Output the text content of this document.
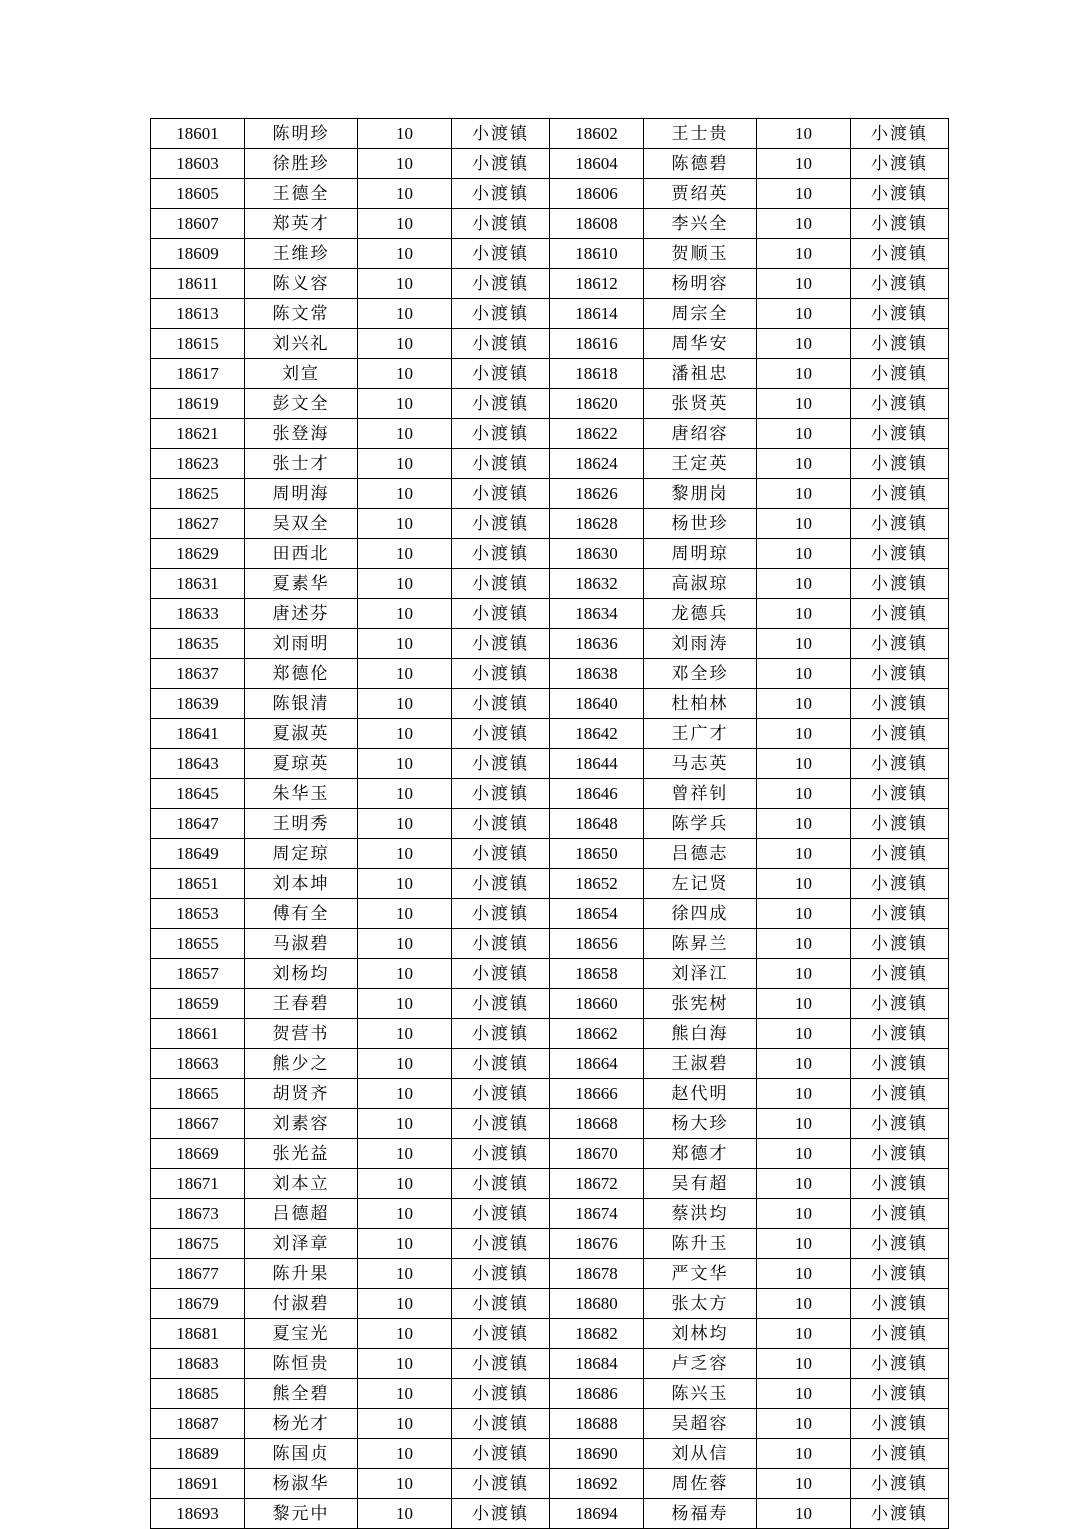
18601	陈明珍	10	小渡镇	18602	王士贵	10	小渡镇
18603	徐胜珍	10	小渡镇	18604	陈德碧	10	小渡镇
18605	王德全	10	小渡镇	18606	贾绍英	10	小渡镇
18607	郑英才	10	小渡镇	18608	李兴全	10	小渡镇
18609	王维珍	10	小渡镇	18610	贺顺玉	10	小渡镇
18611	陈义容	10	小渡镇	18612	杨明容	10	小渡镇
18613	陈文常	10	小渡镇	18614	周宗全	10	小渡镇
18615	刘兴礼	10	小渡镇	18616	周华安	10	小渡镇
18617	刘宣	10	小渡镇	18618	潘祖忠	10	小渡镇
18619	彭文全	10	小渡镇	18620	张贤英	10	小渡镇
18621	张登海	10	小渡镇	18622	唐绍容	10	小渡镇
18623	张士才	10	小渡镇	18624	王定英	10	小渡镇
18625	周明海	10	小渡镇	18626	黎朋岗	10	小渡镇
18627	吴双全	10	小渡镇	18628	杨世珍	10	小渡镇
18629	田西北	10	小渡镇	18630	周明琼	10	小渡镇
18631	夏素华	10	小渡镇	18632	高淑琼	10	小渡镇
18633	唐述芬	10	小渡镇	18634	龙德兵	10	小渡镇
18635	刘雨明	10	小渡镇	18636	刘雨涛	10	小渡镇
18637	郑德伦	10	小渡镇	18638	邓全珍	10	小渡镇
18639	陈银清	10	小渡镇	18640	杜柏林	10	小渡镇
18641	夏淑英	10	小渡镇	18642	王广才	10	小渡镇
18643	夏琼英	10	小渡镇	18644	马志英	10	小渡镇
18645	朱华玉	10	小渡镇	18646	曾祥钊	10	小渡镇
18647	王明秀	10	小渡镇	18648	陈学兵	10	小渡镇
18649	周定琼	10	小渡镇	18650	吕德志	10	小渡镇
18651	刘本坤	10	小渡镇	18652	左记贤	10	小渡镇
18653	傅有全	10	小渡镇	18654	徐四成	10	小渡镇
18655	马淑碧	10	小渡镇	18656	陈昇兰	10	小渡镇
18657	刘杨均	10	小渡镇	18658	刘泽江	10	小渡镇
18659	王春碧	10	小渡镇	18660	张宪树	10	小渡镇
18661	贺营书	10	小渡镇	18662	熊白海	10	小渡镇
18663	熊少之	10	小渡镇	18664	王淑碧	10	小渡镇
18665	胡贤齐	10	小渡镇	18666	赵代明	10	小渡镇
18667	刘素容	10	小渡镇	18668	杨大珍	10	小渡镇
18669	张光益	10	小渡镇	18670	郑德才	10	小渡镇
18671	刘本立	10	小渡镇	18672	吴有超	10	小渡镇
18673	吕德超	10	小渡镇	18674	蔡洪均	10	小渡镇
18675	刘泽章	10	小渡镇	18676	陈升玉	10	小渡镇
18677	陈升果	10	小渡镇	18678	严文华	10	小渡镇
18679	付淑碧	10	小渡镇	18680	张太方	10	小渡镇
18681	夏宝光	10	小渡镇	18682	刘林均	10	小渡镇
18683	陈恒贵	10	小渡镇	18684	卢乏容	10	小渡镇
18685	熊全碧	10	小渡镇	18686	陈兴玉	10	小渡镇
18687	杨光才	10	小渡镇	18688	吴超容	10	小渡镇
18689	陈国贞	10	小渡镇	18690	刘从信	10	小渡镇
18691	杨淑华	10	小渡镇	18692	周佐蓉	10	小渡镇
18693	黎元中	10	小渡镇	18694	杨福寿	10	小渡镇
